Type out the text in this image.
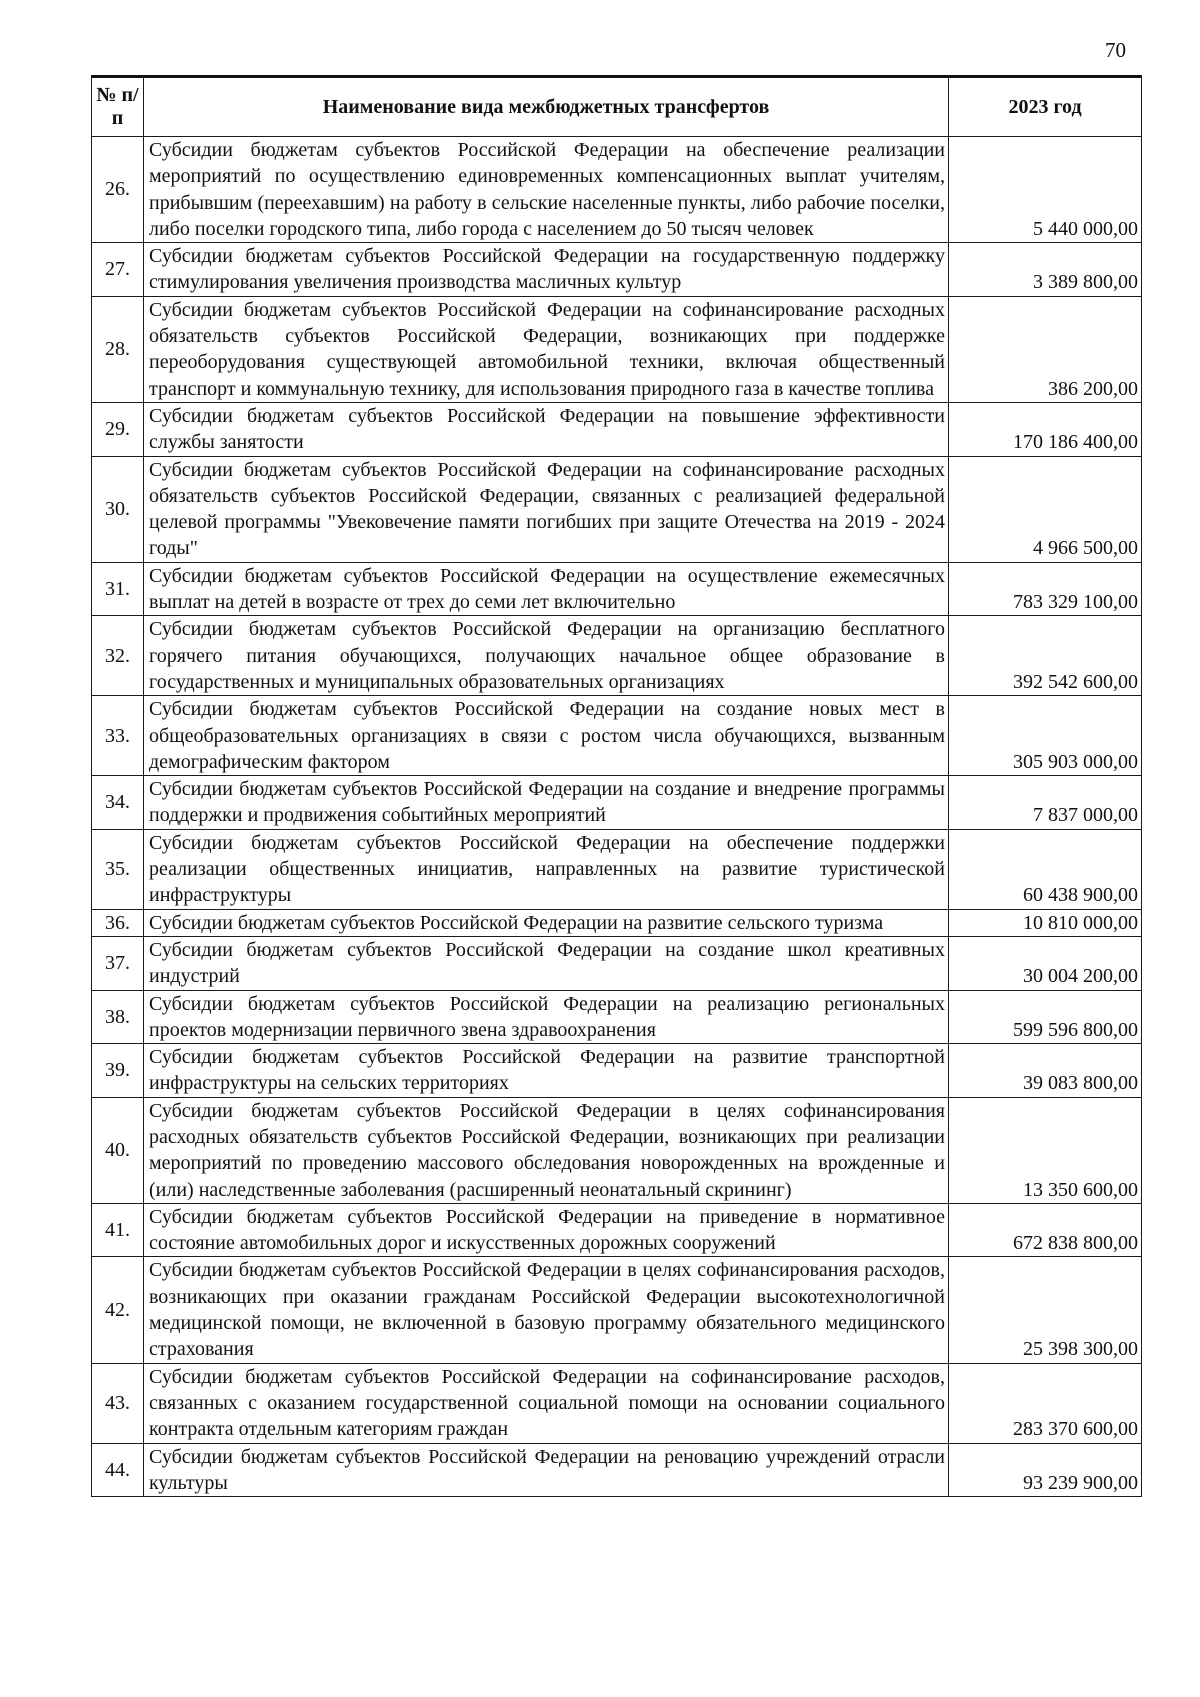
70
№ п/п	Наименование вида межбюджетных трансфертов	2023 год
26.	Субсидии бюджетам субъектов Российской Федерации на обеспечение реализации мероприятий по осуществлению единовременных компенсационных выплат учителям, прибывшим (переехавшим) на работу в сельские населенные пункты, либо рабочие поселки, либо поселки городского типа, либо города с населением до 50 тысяч человек	5 440 000,00
27.	Субсидии бюджетам субъектов Российской Федерации на государственную поддержку стимулирования увеличения производства масличных культур	3 389 800,00
28.	Субсидии бюджетам субъектов Российской Федерации на софинансирование расходных обязательств субъектов Российской Федерации, возникающих при поддержке переоборудования существующей автомобильной техники, включая общественный транспорт и коммунальную технику, для использования природного газа в качестве топлива	386 200,00
29.	Субсидии бюджетам субъектов Российской Федерации на повышение эффективности службы занятости	170 186 400,00
30.	Субсидии бюджетам субъектов Российской Федерации на софинансирование расходных обязательств субъектов Российской Федерации, связанных с реализацией федеральной целевой программы "Увековечение памяти погибших при защите Отечества на 2019 - 2024 годы"	4 966 500,00
31.	Субсидии бюджетам субъектов Российской Федерации на осуществление ежемесячных выплат на детей в возрасте от трех до семи лет включительно	783 329 100,00
32.	Субсидии бюджетам субъектов Российской Федерации на организацию бесплатного горячего питания обучающихся, получающих начальное общее образование в государственных и муниципальных образовательных организациях	392 542 600,00
33.	Субсидии бюджетам субъектов Российской Федерации на создание новых мест в общеобразовательных организациях в связи с ростом числа обучающихся, вызванным демографическим фактором	305 903 000,00
34.	Субсидии бюджетам субъектов Российской Федерации на создание и внедрение программы поддержки и продвижения событийных мероприятий	7 837 000,00
35.	Субсидии бюджетам субъектов Российской Федерации на обеспечение поддержки реализации общественных инициатив, направленных на развитие туристической инфраструктуры	60 438 900,00
36.	Субсидии бюджетам субъектов Российской Федерации на развитие сельского туризма	10 810 000,00
37.	Субсидии бюджетам субъектов Российской Федерации на создание школ креативных индустрий	30 004 200,00
38.	Субсидии бюджетам субъектов Российской Федерации на реализацию региональных проектов модернизации первичного звена здравоохранения	599 596 800,00
39.	Субсидии бюджетам субъектов Российской Федерации на развитие транспортной инфраструктуры на сельских территориях	39 083 800,00
40.	Субсидии бюджетам субъектов Российской Федерации в целях софинансирования расходных обязательств субъектов Российской Федерации, возникающих при реализации мероприятий по проведению массового обследования новорожденных на врожденные и (или) наследственные заболевания (расширенный неонатальный скрининг)	13 350 600,00
41.	Субсидии бюджетам субъектов Российской Федерации на приведение в нормативное состояние автомобильных дорог и искусственных дорожных сооружений	672 838 800,00
42.	Субсидии бюджетам субъектов Российской Федерации в целях софинансирования расходов, возникающих при оказании гражданам Российской Федерации высокотехнологичной медицинской помощи, не включенной в базовую программу обязательного медицинского страхования	25 398 300,00
43.	Субсидии бюджетам субъектов Российской Федерации на софинансирование расходов, связанных с оказанием государственной социальной помощи на основании социального контракта отдельным категориям граждан	283 370 600,00
44.	Субсидии бюджетам субъектов Российской Федерации на реновацию учреждений отрасли культуры	93 239 900,00
